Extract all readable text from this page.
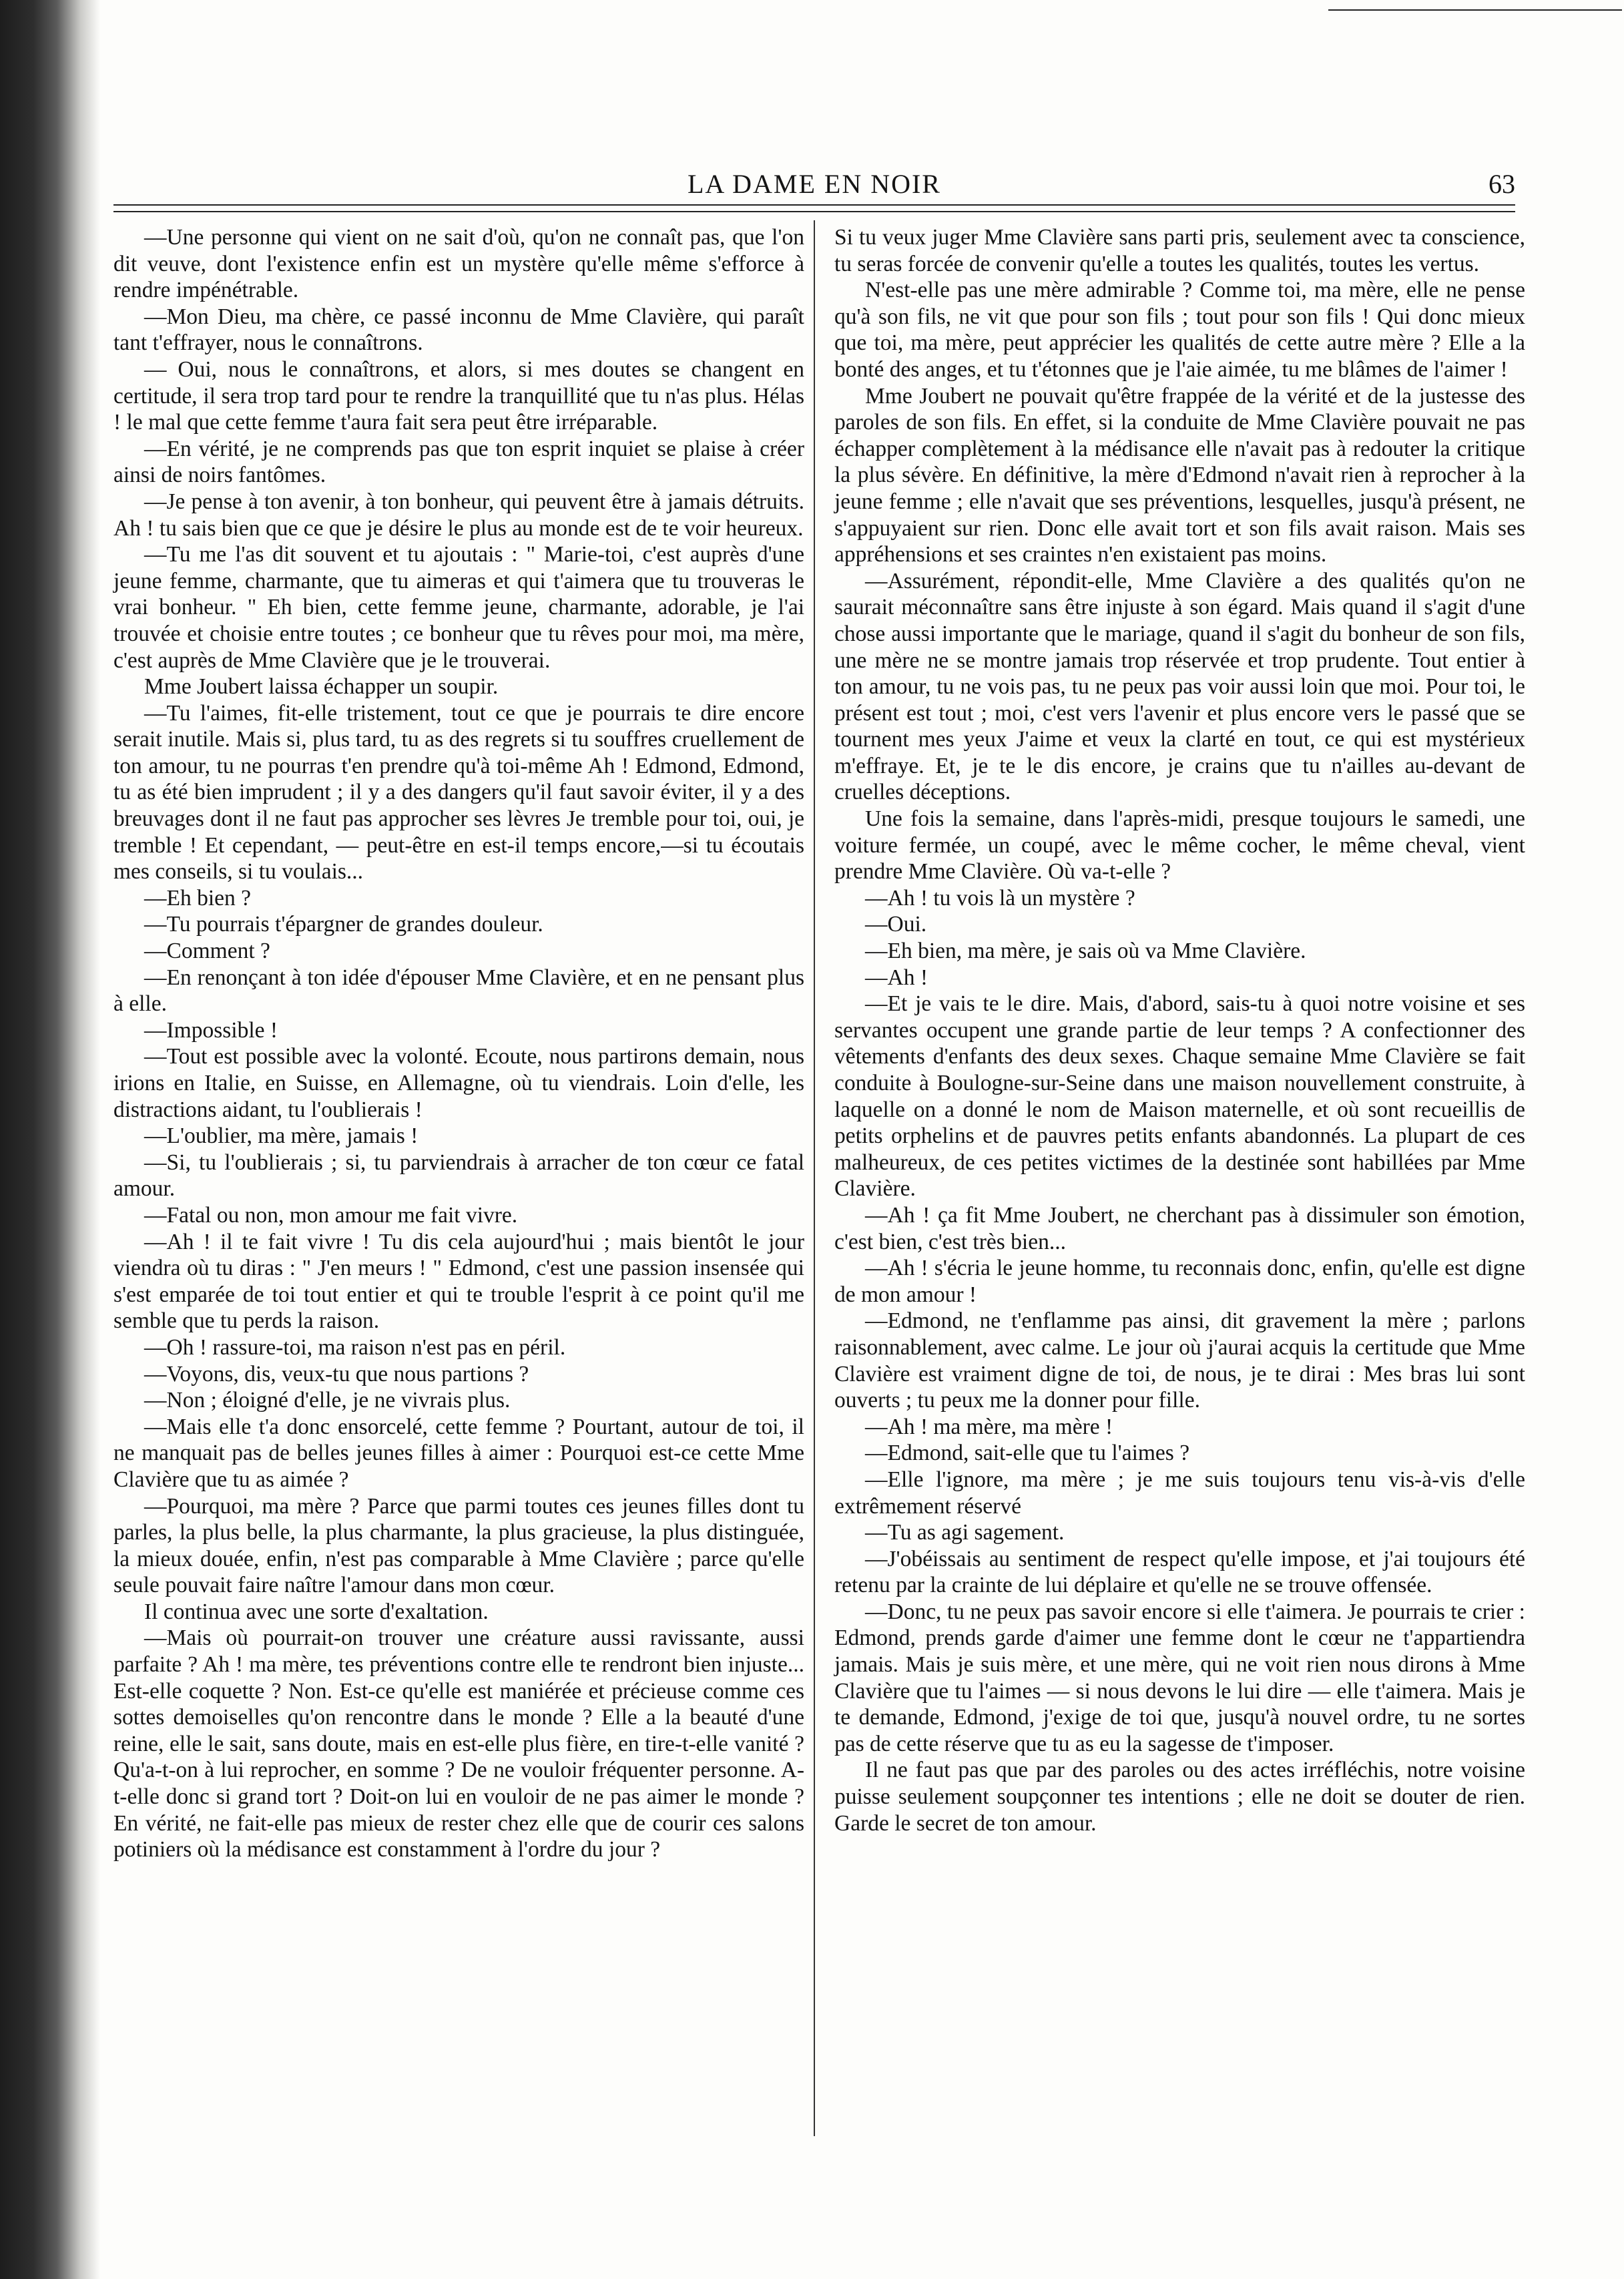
LA DAME EN NOIR	63

—Une personne qui vient on ne sait d'où, qu'on ne connaît pas, que l'on dit veuve, dont l'existence enfin est un mystère qu'elle même s'efforce à rendre impénétrable.

—Mon Dieu, ma chère, ce passé inconnu de Mme Clavière, qui paraît tant t'effrayer, nous le connaîtrons.

— Oui, nous le connaîtrons, et alors, si mes doutes se changent en certitude, il sera trop tard pour te rendre la tranquillité que tu n'as plus. Hélas ! le mal que cette femme t'aura fait sera peut être irréparable.

—En vérité, je ne comprends pas que ton esprit inquiet se plaise à créer ainsi de noirs fantômes.

—Je pense à ton avenir, à ton bonheur, qui peuvent être à jamais détruits. Ah ! tu sais bien que ce que je désire le plus au monde est de te voir heureux.

—Tu me l'as dit souvent et tu ajoutais : " Marie-toi, c'est auprès d'une jeune femme, charmante, que tu aimeras et qui t'aimera que tu trouveras le vrai bonheur. " Eh bien, cette femme jeune, charmante, adorable, je l'ai trouvée et choisie entre toutes ; ce bonheur que tu rêves pour moi, ma mère, c'est auprès de Mme Clavière que je le trouverai.

Mme Joubert laissa échapper un soupir.

—Tu l'aimes, fit-elle tristement, tout ce que je pourrais te dire encore serait inutile. Mais si, plus tard, tu as des regrets si tu souffres cruellement de ton amour, tu ne pourras t'en prendre qu'à toi-même Ah ! Edmond, Edmond, tu as été bien imprudent ; il y a des dangers qu'il faut savoir éviter, il y a des breuvages dont il ne faut pas approcher ses lèvres Je tremble pour toi, oui, je tremble ! Et cependant, — peut-être en est-il temps encore,—si tu écoutais mes conseils, si tu voulais...

—Eh bien ?

—Tu pourrais t'épargner de grandes douleur.

—Comment ?

—En renonçant à ton idée d'épouser Mme Clavière, et en ne pensant plus à elle.

—Impossible !

—Tout est possible avec la volonté. Ecoute, nous partirons demain, nous irions en Italie, en Suisse, en Allemagne, où tu viendrais. Loin d'elle, les distractions aidant, tu l'oublierais !

—L'oublier, ma mère, jamais !

—Si, tu l'oublierais ; si, tu parviendrais à arracher de ton cœur ce fatal amour.

—Fatal ou non, mon amour me fait vivre.

—Ah ! il te fait vivre ! Tu dis cela aujourd'hui ; mais bientôt le jour viendra où tu diras : " J'en meurs ! " Edmond, c'est une passion insensée qui s'est emparée de toi tout entier et qui te trouble l'esprit à ce point qu'il me semble que tu perds la raison.

—Oh ! rassure-toi, ma raison n'est pas en péril.

—Voyons, dis, veux-tu que nous partions ?

—Non ; éloigné d'elle, je ne vivrais plus.

—Mais elle t'a donc ensorcelé, cette femme ? Pourtant, autour de toi, il ne manquait pas de belles jeunes filles à aimer : Pourquoi est-ce cette Mme Clavière que tu as aimée ?

—Pourquoi, ma mère ? Parce que parmi toutes ces jeunes filles dont tu parles, la plus belle, la plus charmante, la plus gracieuse, la plus distinguée, la mieux douée, enfin, n'est pas comparable à Mme Clavière ; parce qu'elle seule pouvait faire naître l'amour dans mon cœur.

Il continua avec une sorte d'exaltation.

—Mais où pourrait-on trouver une créature aussi ravissante, aussi parfaite ? Ah ! ma mère, tes préventions contre elle te rendront bien injuste... Est-elle coquette ? Non. Est-ce qu'elle est maniérée et précieuse comme ces sottes demoiselles qu'on rencontre dans le monde ? Elle a la beauté d'une reine, elle le sait, sans doute, mais en est-elle plus fière, en tire-t-elle vanité ? Qu'a-t-on à lui reprocher, en somme ? De ne vouloir fréquenter personne. A-t-elle donc si grand tort ? Doit-on lui en vouloir de ne pas aimer le monde ? En vérité, ne fait-elle pas mieux de rester chez elle que de courir ces salons potiniers où la médisance est constamment à l'ordre du jour ?

Si tu veux juger Mme Clavière sans parti pris, seulement avec ta conscience, tu seras forcée de convenir qu'elle a toutes les qualités, toutes les vertus.

N'est-elle pas une mère admirable ? Comme toi, ma mère, elle ne pense qu'à son fils, ne vit que pour son fils ; tout pour son fils ! Qui donc mieux que toi, ma mère, peut apprécier les qualités de cette autre mère ? Elle a la bonté des anges, et tu t'étonnes que je l'aie aimée, tu me blâmes de l'aimer !

Mme Joubert ne pouvait qu'être frappée de la vérité et de la justesse des paroles de son fils. En effet, si la conduite de Mme Clavière pouvait ne pas échapper complètement à la médisance elle n'avait pas à redouter la critique la plus sévère. En définitive, la mère d'Edmond n'avait rien à reprocher à la jeune femme ; elle n'avait que ses préventions, lesquelles, jusqu'à présent, ne s'appuyaient sur rien. Donc elle avait tort et son fils avait raison. Mais ses appréhensions et ses craintes n'en existaient pas moins.

—Assurément, répondit-elle, Mme Clavière a des qualités qu'on ne saurait méconnaître sans être injuste à son égard. Mais quand il s'agit d'une chose aussi importante que le mariage, quand il s'agit du bonheur de son fils, une mère ne se montre jamais trop réservée et trop prudente. Tout entier à ton amour, tu ne vois pas, tu ne peux pas voir aussi loin que moi. Pour toi, le présent est tout ; moi, c'est vers l'avenir et plus encore vers le passé que se tournent mes yeux J'aime et veux la clarté en tout, ce qui est mystérieux m'effraye. Et, je te le dis encore, je crains que tu n'ailles au-devant de cruelles déceptions.

Une fois la semaine, dans l'après-midi, presque toujours le samedi, une voiture fermée, un coupé, avec le même cocher, le même cheval, vient prendre Mme Clavière. Où va-t-elle ?

—Ah ! tu vois là un mystère ?

—Oui.

—Eh bien, ma mère, je sais où va Mme Clavière.

—Ah !

—Et je vais te le dire. Mais, d'abord, sais-tu à quoi notre voisine et ses servantes occupent une grande partie de leur temps ? A confectionner des vêtements d'enfants des deux sexes. Chaque semaine Mme Clavière se fait conduite à Boulogne-sur-Seine dans une maison nouvellement construite, à laquelle on a donné le nom de Maison maternelle, et où sont recueillis de petits orphelins et de pauvres petits enfants abandonnés. La plupart de ces malheureux, de ces petites victimes de la destinée sont habillées par Mme Clavière.

—Ah ! ça fit Mme Joubert, ne cherchant pas à dissimuler son émotion, c'est bien, c'est très bien...

—Ah ! s'écria le jeune homme, tu reconnais donc, enfin, qu'elle est digne de mon amour !

—Edmond, ne t'enflamme pas ainsi, dit gravement la mère ; parlons raisonnablement, avec calme. Le jour où j'aurai acquis la certitude que Mme Clavière est vraiment digne de toi, de nous, je te dirai : Mes bras lui sont ouverts ; tu peux me la donner pour fille.

—Ah ! ma mère, ma mère !

—Edmond, sait-elle que tu l'aimes ?

—Elle l'ignore, ma mère ; je me suis toujours tenu vis-à-vis d'elle extrêmement réservé

—Tu as agi sagement.

—J'obéissais au sentiment de respect qu'elle impose, et j'ai toujours été retenu par la crainte de lui déplaire et qu'elle ne se trouve offensée.

—Donc, tu ne peux pas savoir encore si elle t'aimera. Je pourrais te crier : Edmond, prends garde d'aimer une femme dont le cœur ne t'appartiendra jamais. Mais je suis mère, et une mère, qui ne voit rien nous dirons à Mme Clavière que tu l'aimes — si nous devons le lui dire — elle t'aimera. Mais je te demande, Edmond, j'exige de toi que, jusqu'à nouvel ordre, tu ne sortes pas de cette réserve que tu as eu la sagesse de t'imposer.

Il ne faut pas que par des paroles ou des actes irréfléchis, notre voisine puisse seulement soupçonner tes intentions ; elle ne doit se douter de rien. Garde le secret de ton amour.
